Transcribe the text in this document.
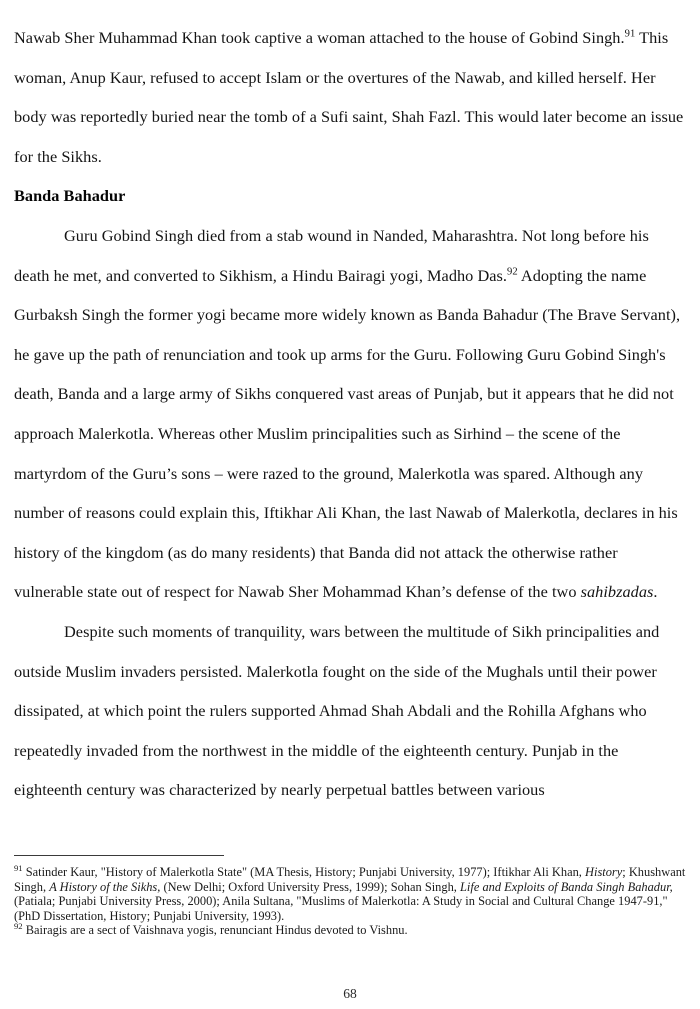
Nawab Sher Muhammad Khan took captive a woman attached to the house of Gobind Singh.$^{91}$ This woman, Anup Kaur, refused to accept Islam or the overtures of the Nawab, and killed herself. Her body was reportedly buried near the tomb of a Sufi saint, Shah Fazl. This would later become an issue for the Sikhs.

Banda Bahadur

Guru Gobind Singh died from a stab wound in Nanded, Maharashtra. Not long before his death he met, and converted to Sikhism, a Hindu Bairagi yogi, Madho Das.$^{92}$ Adopting the name Gurbaksh Singh the former yogi became more widely known as Banda Bahadur (The Brave Servant), he gave up the path of renunciation and took up arms for the Guru. Following Guru Gobind Singh's death, Banda and a large army of Sikhs conquered vast areas of Punjab, but it appears that he did not approach Malerkotla. Whereas other Muslim principalities such as Sirhind – the scene of the martyrdom of the Guru’s sons – were razed to the ground, Malerkotla was spared. Although any number of reasons could explain this, Iftikhar Ali Khan, the last Nawab of Malerkotla, declares in his history of the kingdom (as do many residents) that Banda did not attack the otherwise rather vulnerable state out of respect for Nawab Sher Mohammad Khan’s defense of the two sahibzadas.

Despite such moments of tranquility, wars between the multitude of Sikh principalities and outside Muslim invaders persisted. Malerkotla fought on the side of the Mughals until their power dissipated, at which point the rulers supported Ahmad Shah Abdali and the Rohilla Afghans who repeatedly invaded from the northwest in the middle of the eighteenth century. Punjab in the eighteenth century was characterized by nearly perpetual battles between various

$^{91}$ Satinder Kaur, "History of Malerkotla State" (MA Thesis, History; Punjabi University, 1977); Iftikhar Ali Khan, History; Khushwant Singh, A History of the Sikhs, (New Delhi; Oxford University Press, 1999); Sohan Singh, Life and Exploits of Banda Singh Bahadur, (Patiala; Punjabi University Press, 2000); Anila Sultana, "Muslims of Malerkotla: A Study in Social and Cultural Change 1947-91,"(PhD Dissertation, History; Punjabi University, 1993).

$^{92}$ Bairagis are a sect of Vaishnava yogis, renunciant Hindus devoted to Vishnu.

68
